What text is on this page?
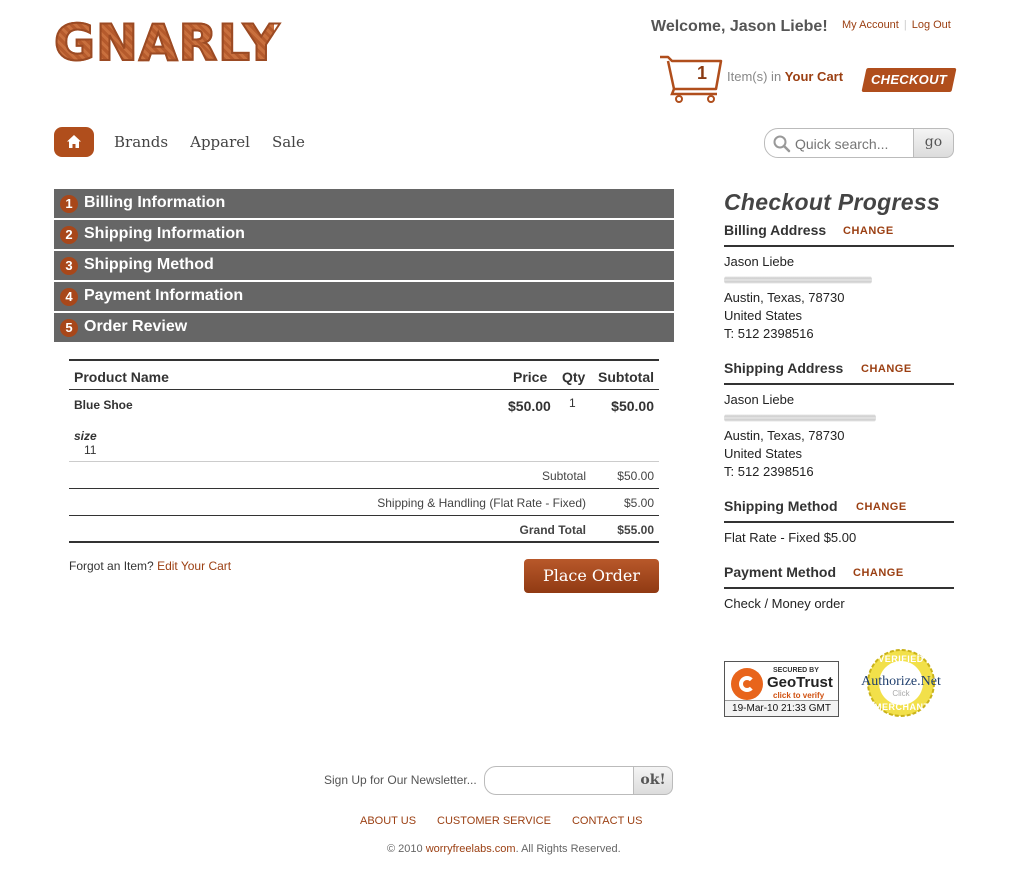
GNARLY	Welcome, Jason Liebe! My Account | Log Out
1	Item(s) in Your Cart	CHECKOUT
Brands Apparel Sale
Quick search...	go
1 Billing Information
2 Shipping Information
3 Shipping Method
4 Payment Information
5 Order Review
Product Name	Price Qty Subtotal
Blue Shoe	$50.00 1	$50.00
size
11
Subtotal	$50.00
Shipping & Handling (Flat Rate - Fixed)	$5.00
Grand Total	$55.00
Forgot an Item? Edit Your Cart	Place Order
Checkout Progress
Billing Address CHANGE
Jason Liebe
Austin, Texas, 78730
United States
T: 512 2398516
Shipping Address CHANGE
Jason Liebe
Austin, Texas, 78730
United States
T: 512 2398516
Shipping Method CHANGE
Flat Rate - Fixed $5.00
Payment Method CHANGE
Check / Money order
SECURED BY
GeoTrust
click to verify
19-Mar-10 21:33 GMT
VERIFIED
Authorize.Net
Click
MERCHANT
Sign Up for Our Newsletter...	ok!
ABOUT US CUSTOMER SERVICE CONTACT US
© 2010 worryfreelabs.com. All Rights Reserved.
